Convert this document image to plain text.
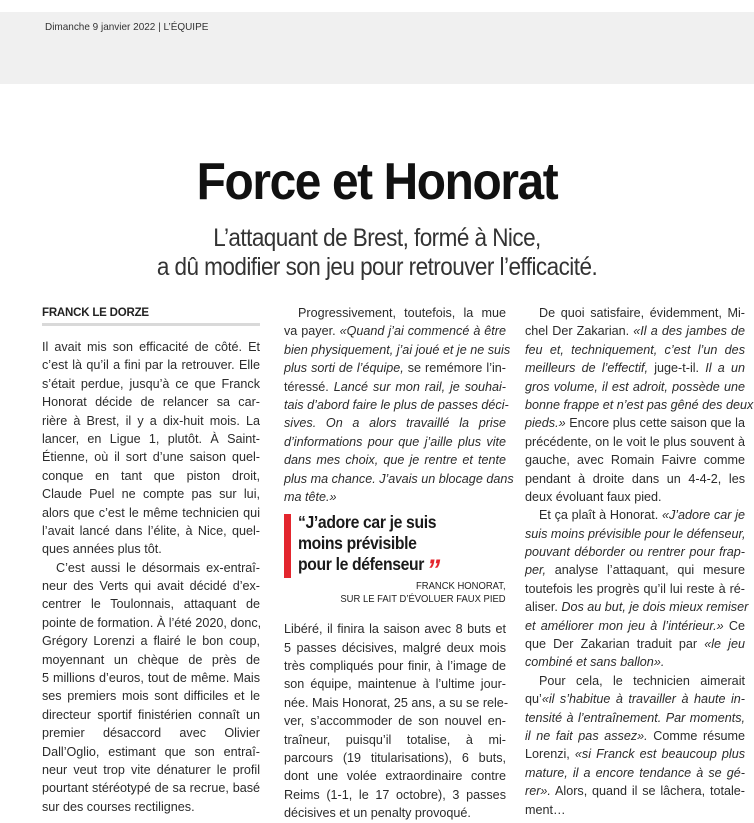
Dimanche 9 janvier 2022 | L’ÉQUIPE
Force et Honorat
L’attaquant de Brest, formé à Nice,
a dû modifier son jeu pour retrouver l’efficacité.
FRANCK LE DORZE
Il avait mis son efficacité de côté. Et
c’est là qu’il a fini par la retrouver. Elle
s’était perdue, jusqu’à ce que Franck
Honorat décide de relancer sa car-
rière à Brest, il y a dix-huit mois. La
lancer, en Ligue 1, plutôt. À Saint-
Étienne, où il sort d’une saison quel-
conque en tant que piston droit,
Claude Puel ne compte pas sur lui,
alors que c’est le même technicien qui
l’avait lancé dans l’élite, à Nice, quel-
ques années plus tôt.
C’est aussi le désormais ex-entraî-
neur des Verts qui avait décidé d’ex-
centrer le Toulonnais, attaquant de
pointe de formation. À l’été 2020, donc,
Grégory Lorenzi a flairé le bon coup,
moyennant un chèque de près de
5 millions d’euros, tout de même. Mais
ses premiers mois sont difficiles et le
directeur sportif finistérien connaît un
premier désaccord avec Olivier
Dall’Oglio, estimant que son entraî-
neur veut trop vite dénaturer le profil
pourtant stéréotypé de sa recrue, basé
sur des courses rectilignes.
Progressivement, toutefois, la mue
va payer. «Quand j’ai commencé à être
bien physiquement, j’ai joué et je ne suis
plus sorti de l’équipe, se remémore l’in-
téressé. Lancé sur mon rail, je souhai-
tais d’abord faire le plus de passes déci-
sives. On a alors travaillé la prise
d’informations pour que j’aille plus vite
dans mes choix, que je rentre et tente
plus ma chance. J’avais un blocage dans
ma tête.»
“J’adore car je suis
moins prévisible
pour le défenseur”
FRANCK HONORAT,
SUR LE FAIT D’ÉVOLUER FAUX PIED
Libéré, il finira la saison avec 8 buts et
5 passes décisives, malgré deux mois
très compliqués pour finir, à l’image de
son équipe, maintenue à l’ultime jour-
née. Mais Honorat, 25 ans, a su se rele-
ver, s’accommoder de son nouvel en-
traîneur, puisqu’il totalise, à mi-
parcours (19 titularisations), 6 buts,
dont une volée extraordinaire contre
Reims (1-1, le 17 octobre), 3 passes
décisives et un penalty provoqué.
De quoi satisfaire, évidemment, Mi-
chel Der Zakarian. «Il a des jambes de
feu et, techniquement, c’est l’un des
meilleurs de l’effectif, juge-t-il. Il a un
gros volume, il est adroit, possède une
bonne frappe et n’est pas gêné des deux
pieds.» Encore plus cette saison que la
précédente, on le voit le plus souvent à
gauche, avec Romain Faivre comme
pendant à droite dans un 4-4-2, les
deux évoluant faux pied.
Et ça plaît à Honorat. «J’adore car je
suis moins prévisible pour le défenseur,
pouvant déborder ou rentrer pour frap-
per, analyse l’attaquant, qui mesure
toutefois les progrès qu’il lui reste à ré-
aliser. Dos au but, je dois mieux remiser
et améliorer mon jeu à l’intérieur.» Ce
que Der Zakarian traduit par «le jeu
combiné et sans ballon».
Pour cela, le technicien aimerait
qu’«il s’habitue à travailler à haute in-
tensité à l’entraînement. Par moments,
il ne fait pas assez». Comme résume
Lorenzi, «si Franck est beaucoup plus
mature, il a encore tendance à se gé-
rer». Alors, quand il se lâchera, totale-
ment…
